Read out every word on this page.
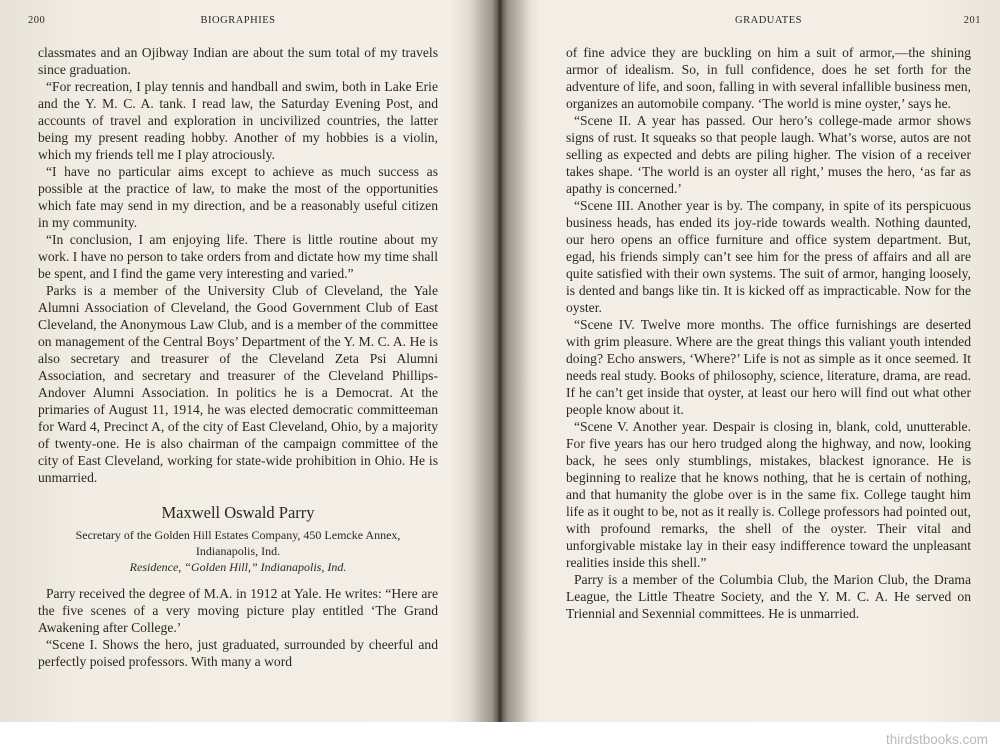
200	BIOGRAPHIES

classmates and an Ojibway Indian are about the sum total of my travels since graduation.

“For recreation, I play tennis and handball and swim, both in Lake Erie and the Y. M. C. A. tank. I read law, the Saturday Evening Post, and accounts of travel and exploration in uncivilized countries, the latter being my present reading hobby. Another of my hobbies is a violin, which my friends tell me I play atrociously.

“I have no particular aims except to achieve as much success as possible at the practice of law, to make the most of the opportunities which fate may send in my direction, and be a reasonably useful citizen in my community.

“In conclusion, I am enjoying life. There is little routine about my work. I have no person to take orders from and dictate how my time shall be spent, and I find the game very interesting and varied.”

Parks is a member of the University Club of Cleveland, the Yale Alumni Association of Cleveland, the Good Government Club of East Cleveland, the Anonymous Law Club, and is a member of the committee on management of the Central Boys’ Department of the Y. M. C. A. He is also secretary and treasurer of the Cleveland Zeta Psi Alumni Association, and secretary and treasurer of the Cleveland Phillips-Andover Alumni Association. In politics he is a Democrat. At the primaries of August 11, 1914, he was elected democratic committeeman for Ward 4, Precinct A, of the city of East Cleveland, Ohio, by a majority of twenty-one. He is also chairman of the campaign committee of the city of East Cleveland, working for state-wide prohibition in Ohio. He is unmarried.

Maxwell Oswald Parry
Secretary of the Golden Hill Estates Company, 450 Lemcke Annex,
Indianapolis, Ind.
Residence, “Golden Hill,” Indianapolis, Ind.

Parry received the degree of M.A. in 1912 at Yale. He writes: “Here are the five scenes of a very moving picture play entitled ‘The Grand Awakening after College.’

“Scene I. Shows the hero, just graduated, surrounded by cheerful and perfectly poised professors. With many a word

GRADUATES	201

of fine advice they are buckling on him a suit of armor,—the shining armor of idealism. So, in full confidence, does he set forth for the adventure of life, and soon, falling in with several infallible business men, organizes an automobile company. ‘The world is mine oyster,’ says he.

“Scene II. A year has passed. Our hero’s college-made armor shows signs of rust. It squeaks so that people laugh. What’s worse, autos are not selling as expected and debts are piling higher. The vision of a receiver takes shape. ‘The world is an oyster all right,’ muses the hero, ‘as far as apathy is concerned.’

“Scene III. Another year is by. The company, in spite of its perspicuous business heads, has ended its joy-ride towards wealth. Nothing daunted, our hero opens an office furniture and office system department. But, egad, his friends simply can’t see him for the press of affairs and all are quite satisfied with their own systems. The suit of armor, hanging loosely, is dented and bangs like tin. It is kicked off as impracticable. Now for the oyster.

“Scene IV. Twelve more months. The office furnishings are deserted with grim pleasure. Where are the great things this valiant youth intended doing? Echo answers, ‘Where?’ Life is not as simple as it once seemed. It needs real study. Books of philosophy, science, literature, drama, are read. If he can’t get inside that oyster, at least our hero will find out what other people know about it.

“Scene V. Another year. Despair is closing in, blank, cold, unutterable. For five years has our hero trudged along the highway, and now, looking back, he sees only stumblings, mistakes, blackest ignorance. He is beginning to realize that he knows nothing, that he is certain of nothing, and that humanity the globe over is in the same fix. College taught him life as it ought to be, not as it really is. College professors had pointed out, with profound remarks, the shell of the oyster. Their vital and unforgivable mistake lay in their easy indifference toward the unpleasant realities inside this shell.”

Parry is a member of the Columbia Club, the Marion Club, the Drama League, the Little Theatre Society, and the Y. M. C. A. He served on Triennial and Sexennial committees. He is unmarried.

thirdstbooks.com
